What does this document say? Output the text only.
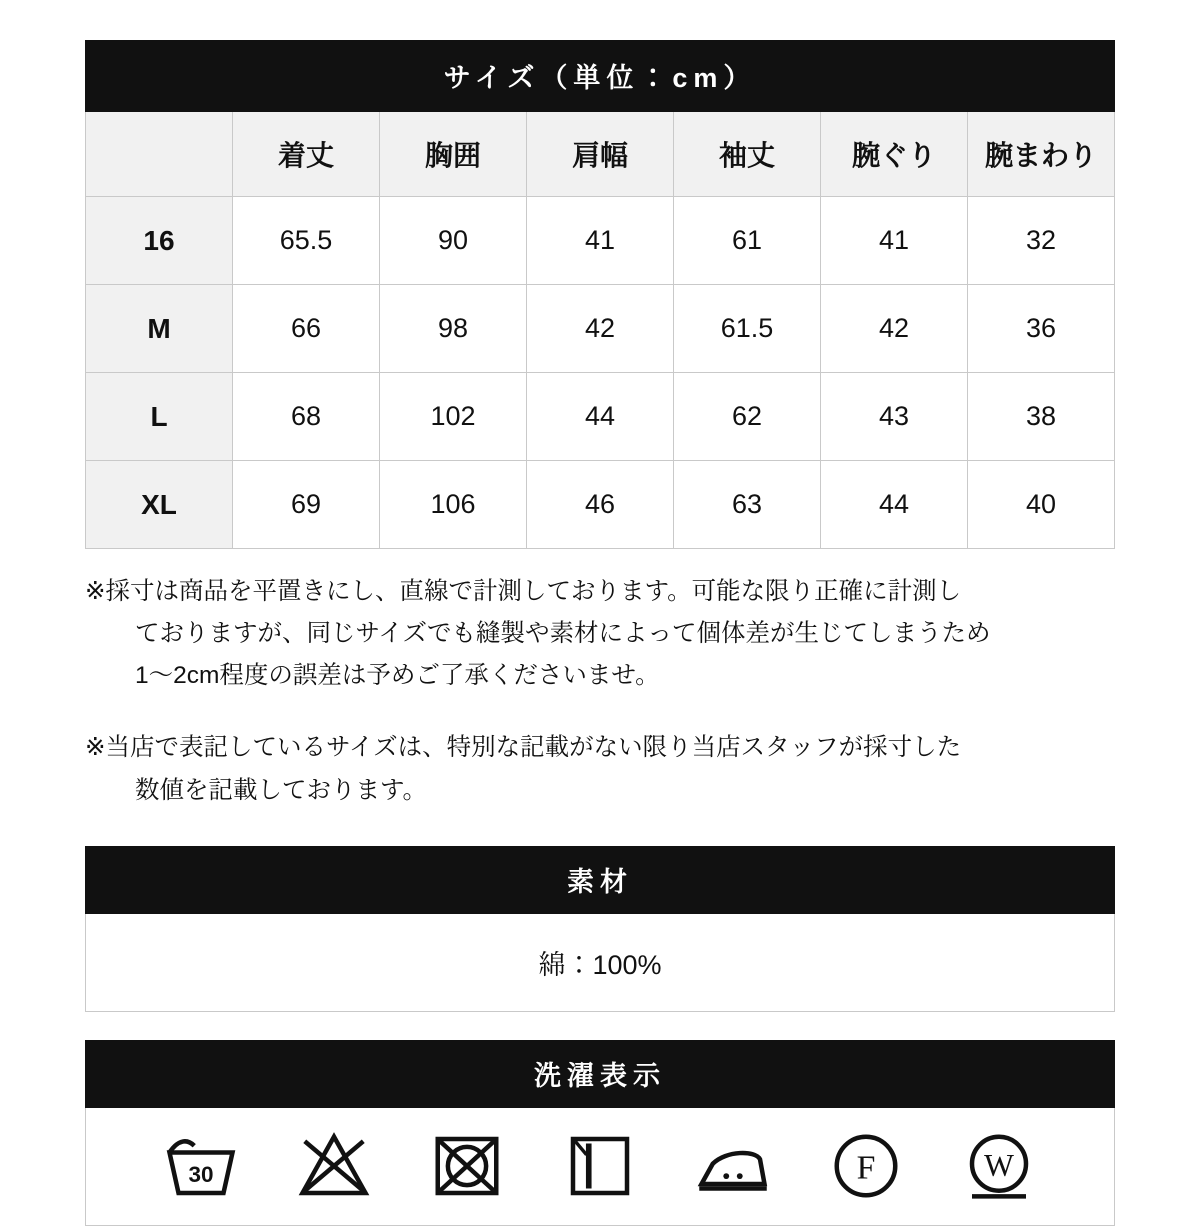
サイズ（単位：cm）						
	着丈	胸囲	肩幅	袖丈	腕ぐり	腕まわり
16	65.5	90	41	61	41	32
M	66	98	42	61.5	42	36
L	68	102	44	62	43	38
XL	69	106	46	63	44	40

※採寸は商品を平置きにし、直線で計測しております。可能な限り正確に計測し
ておりますが、同じサイズでも縫製や素材によって個体差が生じてしまうため
1〜2cm程度の誤差は予めご了承くださいませ。

※当店で表記しているサイズは、特別な記載がない限り当店スタッフが採寸した
数値を記載しております。

素材
綿：100%
洗濯表示
30	F	W
